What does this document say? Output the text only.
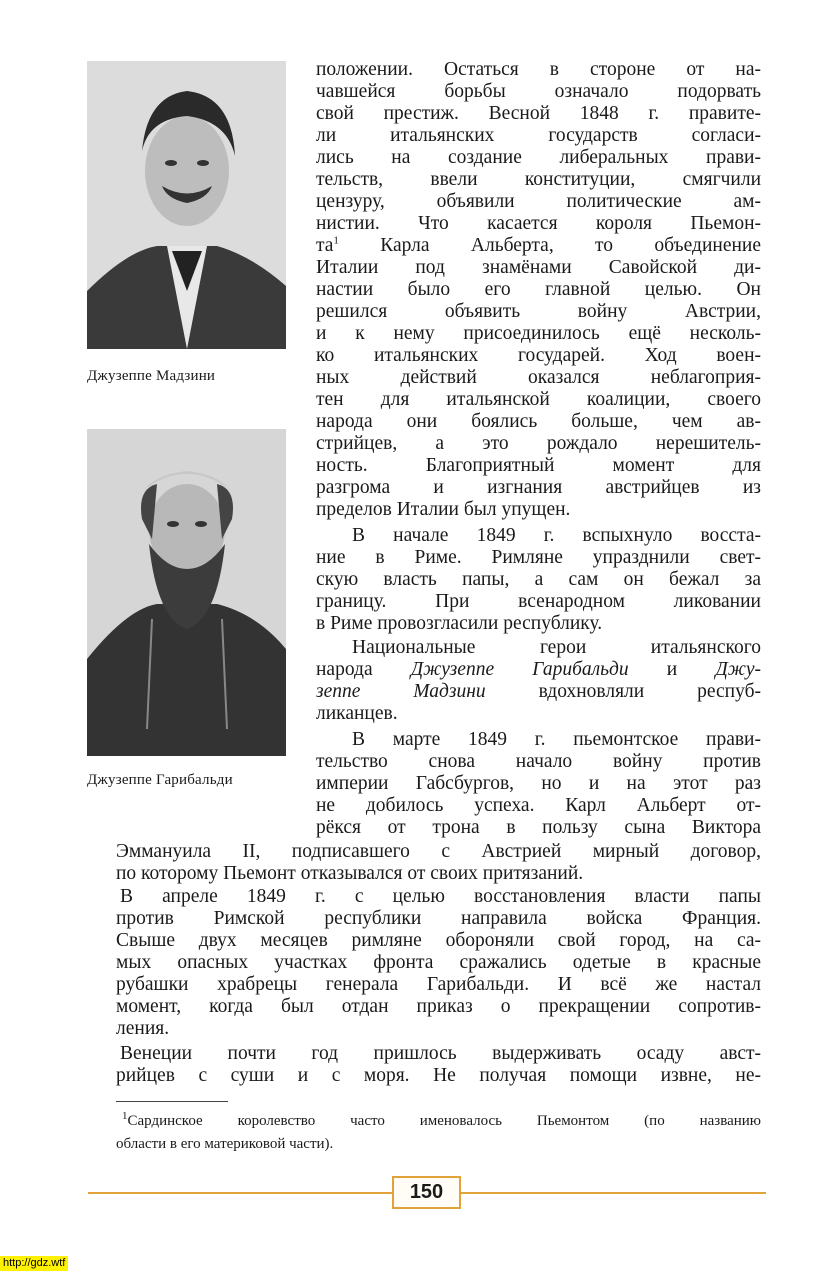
Джузеппе Мадзини
Джузеппе Гарибальди
положении. Остаться в стороне от на-
чавшейся борьбы означало подорвать
свой престиж. Весной 1848 г. правите-
ли итальянских государств согласи-
лись на создание либеральных прави-
тельств, ввели конституции, смягчили
цензуру, объявили политические ам-
нистии. Что касается короля Пьемон-
$та^1$ Карла Альберта, то объединение
Италии под знамёнами Савойской ди-
настии было его главной целью. Он
решился объявить войну Австрии,
и к нему присоединилось ещё несколь-
ко итальянских государей. Ход воен-
ных действий оказался неблагоприя-
тен для итальянской коалиции, своего
народа они боялись больше, чем ав-
стрийцев, а это рождало нерешитель-
ность. Благоприятный момент для
разгрома и изгнания австрийцев из
пределов Италии был упущен.
В начале 1849 г. вспыхнуло восста-
ние в Риме. Римляне упразднили свет-
скую власть папы, а сам он бежал за
границу. При всенародном ликовании
в Риме провозгласили республику.
Национальные герои итальянского
народа Джузеппе Гарибальди и Джу-
зеппе Мадзини	вдохновляли респуб-
ликанцев.
В марте 1849 г. пьемонтское прави-
тельство снова начало войну против
империи Габсбургов, но и на этот раз
не добилось успеха. Карл Альберт от-
рёкся от трона в пользу сына Виктора
Эммануила II, подписавшего с Австрией мирный договор,
по которому Пьемонт отказывался от своих притязаний.
В апреле 1849 г. с целью восстановления власти папы
против Римской республики направила войска Франция.
Свыше двух месяцев римляне обороняли свой город, на са-
мых опасных участках фронта сражались одетые в красные
рубашки храбрецы генерала Гарибальди. И всё же настал
момент, когда был отдан приказ о прекращении сопротив-
ления.
Венеции почти год пришлось выдерживать осаду авст-
рийцев с суши и с моря. Не получая помощи извне, не-
$^1$Сардинское королевство часто именовалось Пьемонтом (по названию
области в его материковой части).
150
http://gdz.wtf
